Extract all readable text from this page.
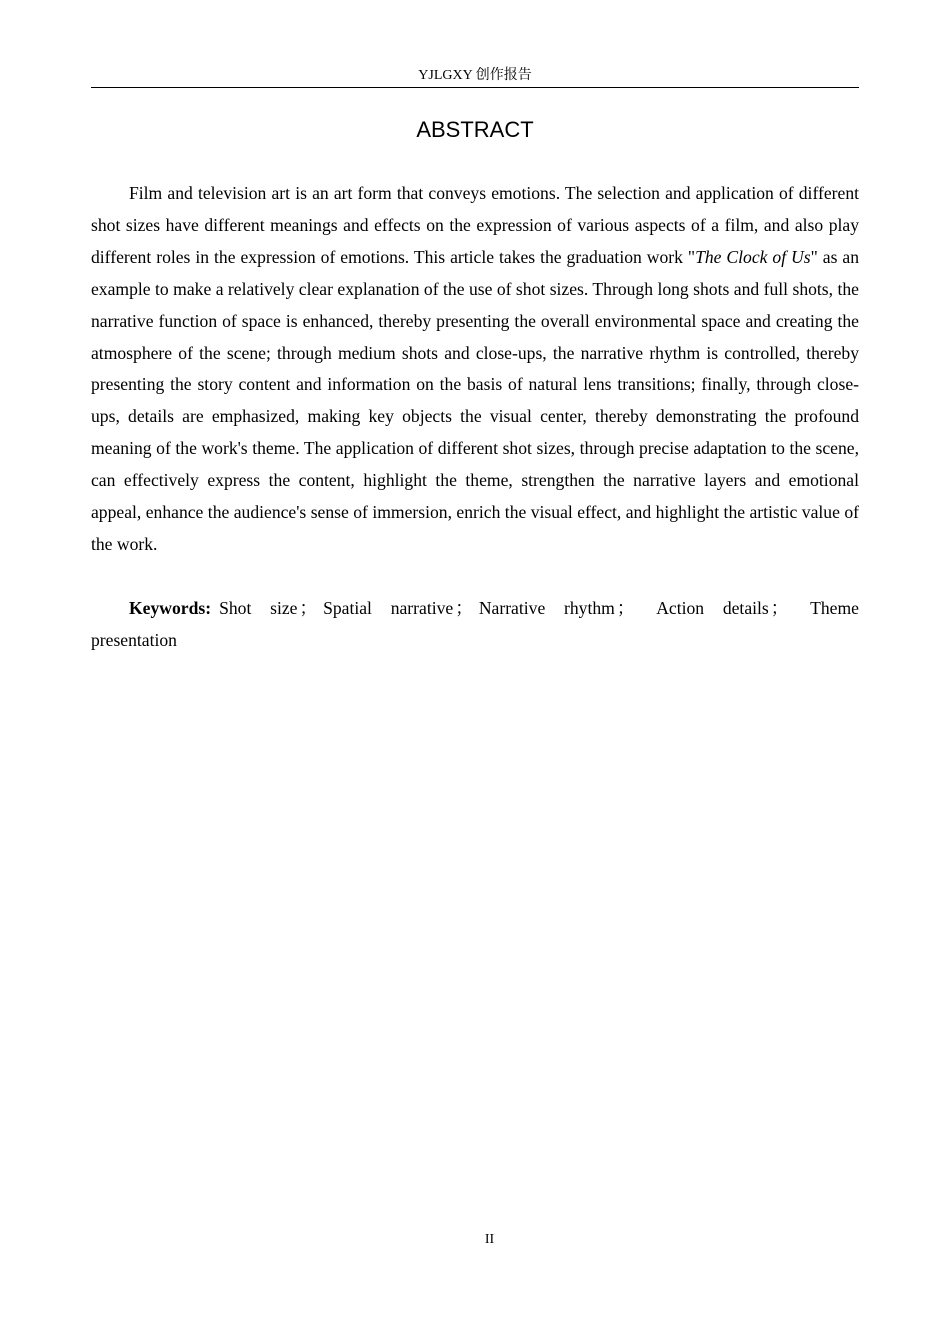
YJLGXY 创作报告
ABSTRACT

Film and television art is an art form that conveys emotions. The selection and application of different shot sizes have different meanings and effects on the expression of various aspects of a film, and also play different roles in the expression of emotions. This article takes the graduation work "The Clock of Us" as an example to make a relatively clear explanation of the use of shot sizes. Through long shots and full shots, the narrative function of space is enhanced, thereby presenting the overall environmental space and creating the atmosphere of the scene; through medium shots and close-ups, the narrative rhythm is controlled, thereby presenting the story content and information on the basis of natural lens transitions; finally, through close-ups, details are emphasized, making key objects the visual center, thereby demonstrating the profound meaning of the work's theme. The application of different shot sizes, through precise adaptation to the scene, can effectively express the content, highlight the theme, strengthen the narrative layers and emotional appeal, enhance the audience's sense of immersion, enrich the visual effect, and highlight the artistic value of the work.

Keywords: Shot size ； Spatial narrative ； Narrative rhythm ； Action details ； Theme presentation

II
